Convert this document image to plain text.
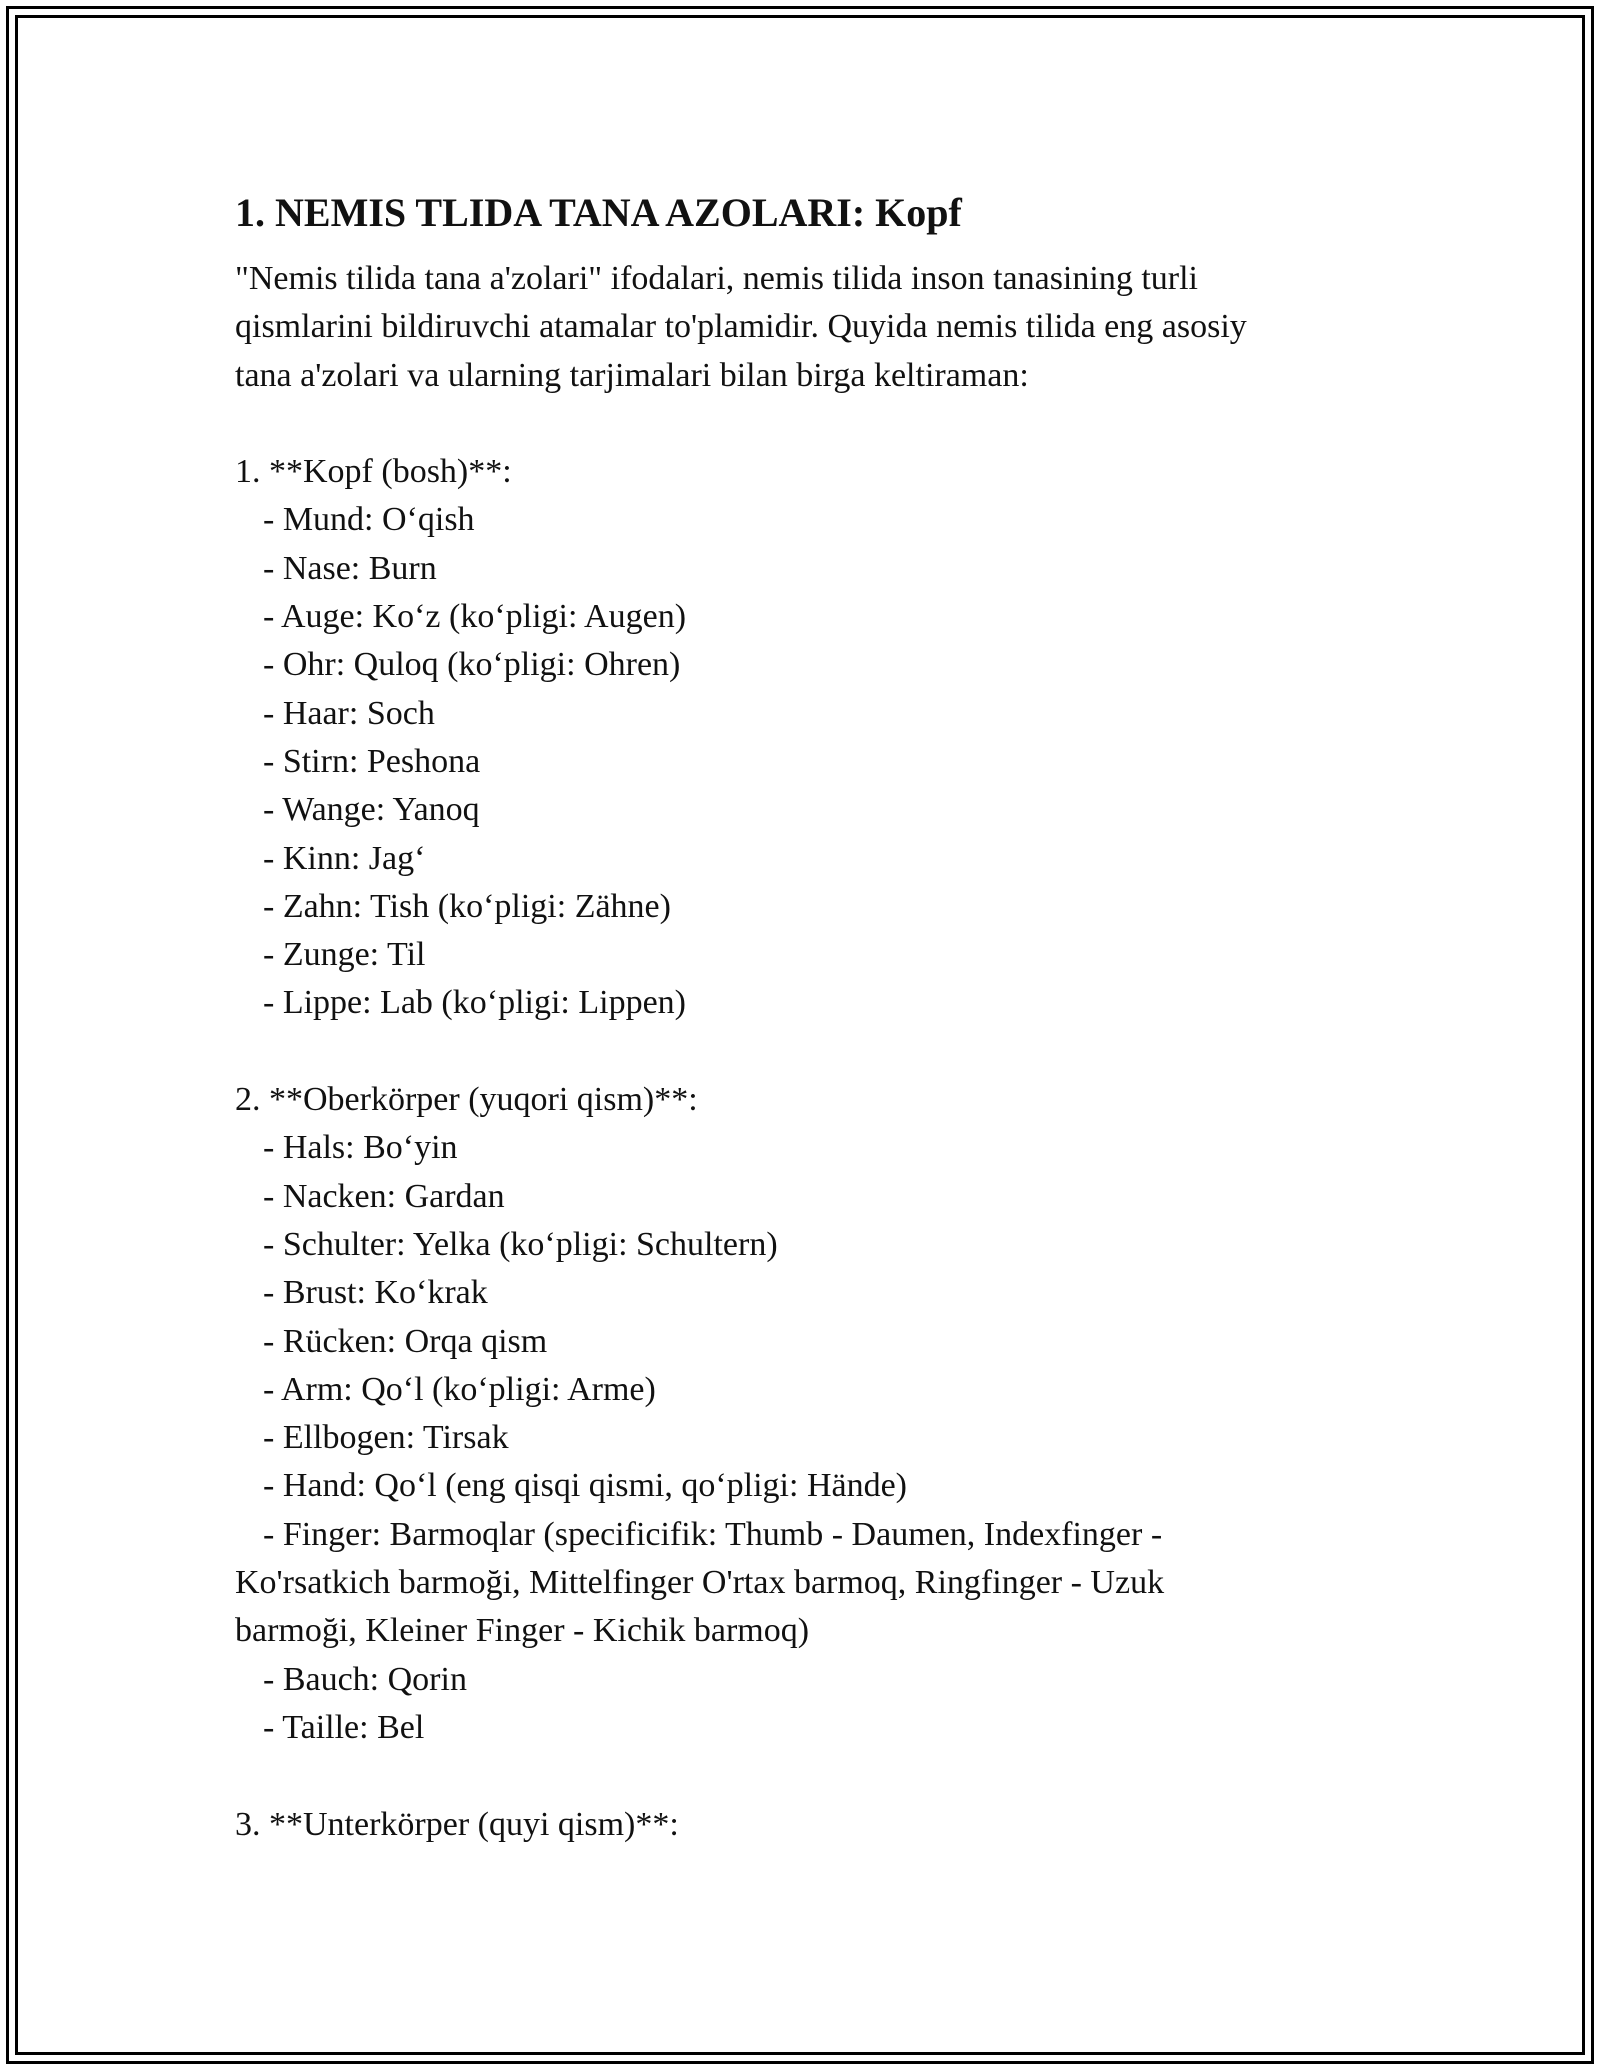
1. NEMIS TLIDA TANA AZOLARI: Kopf
"Nemis tilida tana a'zolari" ifodalari, nemis tilida inson tanasining turli
qismlarini bildiruvchi atamalar to'plamidir. Quyida nemis tilida eng asosiy
tana a'zolari va ularning tarjimalari bilan birga keltiraman:
1. **Kopf (bosh)**:
- Mund: O‘qish
- Nase: Burn
- Auge: Ko‘z (ko‘pligi: Augen)
- Ohr: Quloq (ko‘pligi: Ohren)
- Haar: Soch
- Stirn: Peshona
- Wange: Yanoq
- Kinn: Jag‘
- Zahn: Tish (ko‘pligi: Zähne)
- Zunge: Til
- Lippe: Lab (ko‘pligi: Lippen)
2. **Oberkörper (yuqori qism)**:
- Hals: Bo‘yin
- Nacken: Gardan
- Schulter: Yelka (ko‘pligi: Schultern)
- Brust: Ko‘krak
- Rücken: Orqa qism
- Arm: Qo‘l (ko‘pligi: Arme)
- Ellbogen: Tirsak
- Hand: Qo‘l (eng qisqi qismi, qo‘pligi: Hände)
- Finger: Barmoqlar (specificifik: Thumb - Daumen, Indexfinger -
Ko'rsatkich barmoği, Mittelfinger O'rtax barmoq, Ringfinger - Uzuk
barmoği, Kleiner Finger - Kichik barmoq)
- Bauch: Qorin
- Taille: Bel
3. **Unterkörper (quyi qism)**:
